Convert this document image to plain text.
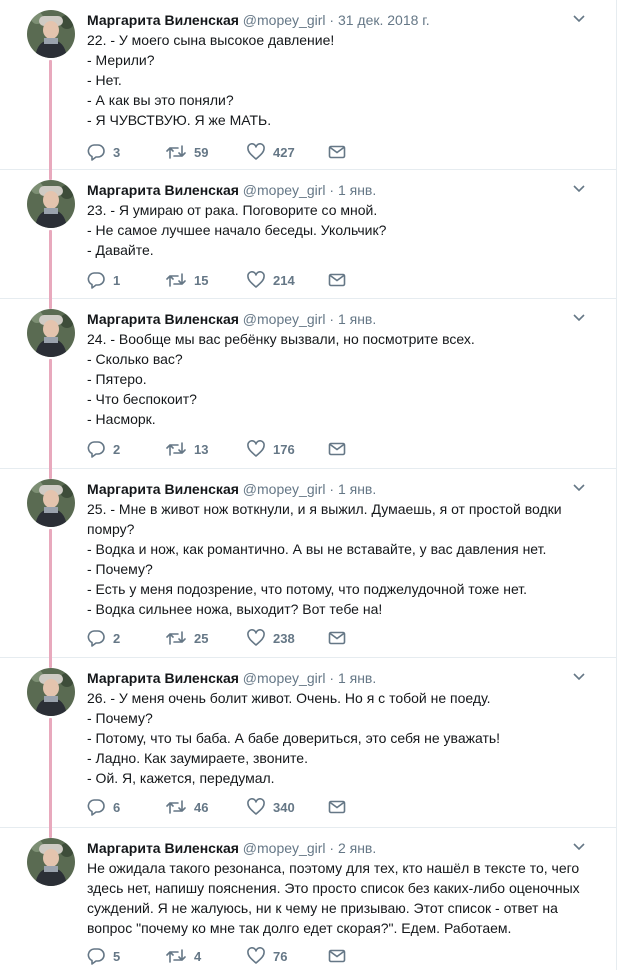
Маргарита Виленская @mopey_girl · 31 дек. 2018 г.

22. - У моего сына высокое давление!

- Мерили?

- Нет.

- А как вы это поняли?

- Я ЧУВСТВУЮ. Я же МАТЬ.

3	59	427
Маргарита Виленская @mopey_girl · 1 янв.

23. - Я умираю от рака. Поговорите со мной.

- Не самое лучшее начало беседы. Укольчик?

- Давайте.

1	15	214
Маргарита Виленская @mopey_girl · 1 янв.

24. - Вообще мы вас ребёнку вызвали, но посмотрите всех.

- Сколько вас?

- Пятеро.

- Что беспокоит?

- Насморк.

2	13	176
Маргарита Виленская @mopey_girl · 1 янв.

25. - Мне в живот нож воткнули, и я выжил. Думаешь, я от простой водки помру?

- Водка и нож, как романтично. А вы не вставайте, у вас давления нет.

- Почему?

- Есть у меня подозрение, что потому, что поджелудочной тоже нет.

- Водка сильнее ножа, выходит? Вот тебе на!

2	25	238
Маргарита Виленская @mopey_girl · 1 янв.

26. - У меня очень болит живот. Очень. Но я с тобой не поеду.

- Почему?

- Потому, что ты баба. А бабе довериться, это себя не уважать!

- Ладно. Как заумираете, звоните.

- Ой. Я, кажется, передумал.

6	46	340
Маргарита Виленская @mopey_girl · 2 янв.

Не ожидала такого резонанса, поэтому для тех, кто нашёл в тексте то, чего здесь нет, напишу пояснения. Это просто список без каких-либо оценочных суждений. Я не жалуюсь, ни к чему не призываю. Этот список - ответ на вопрос "почему ко мне так долго едет скорая?". Едем. Работаем.

5	4	76
